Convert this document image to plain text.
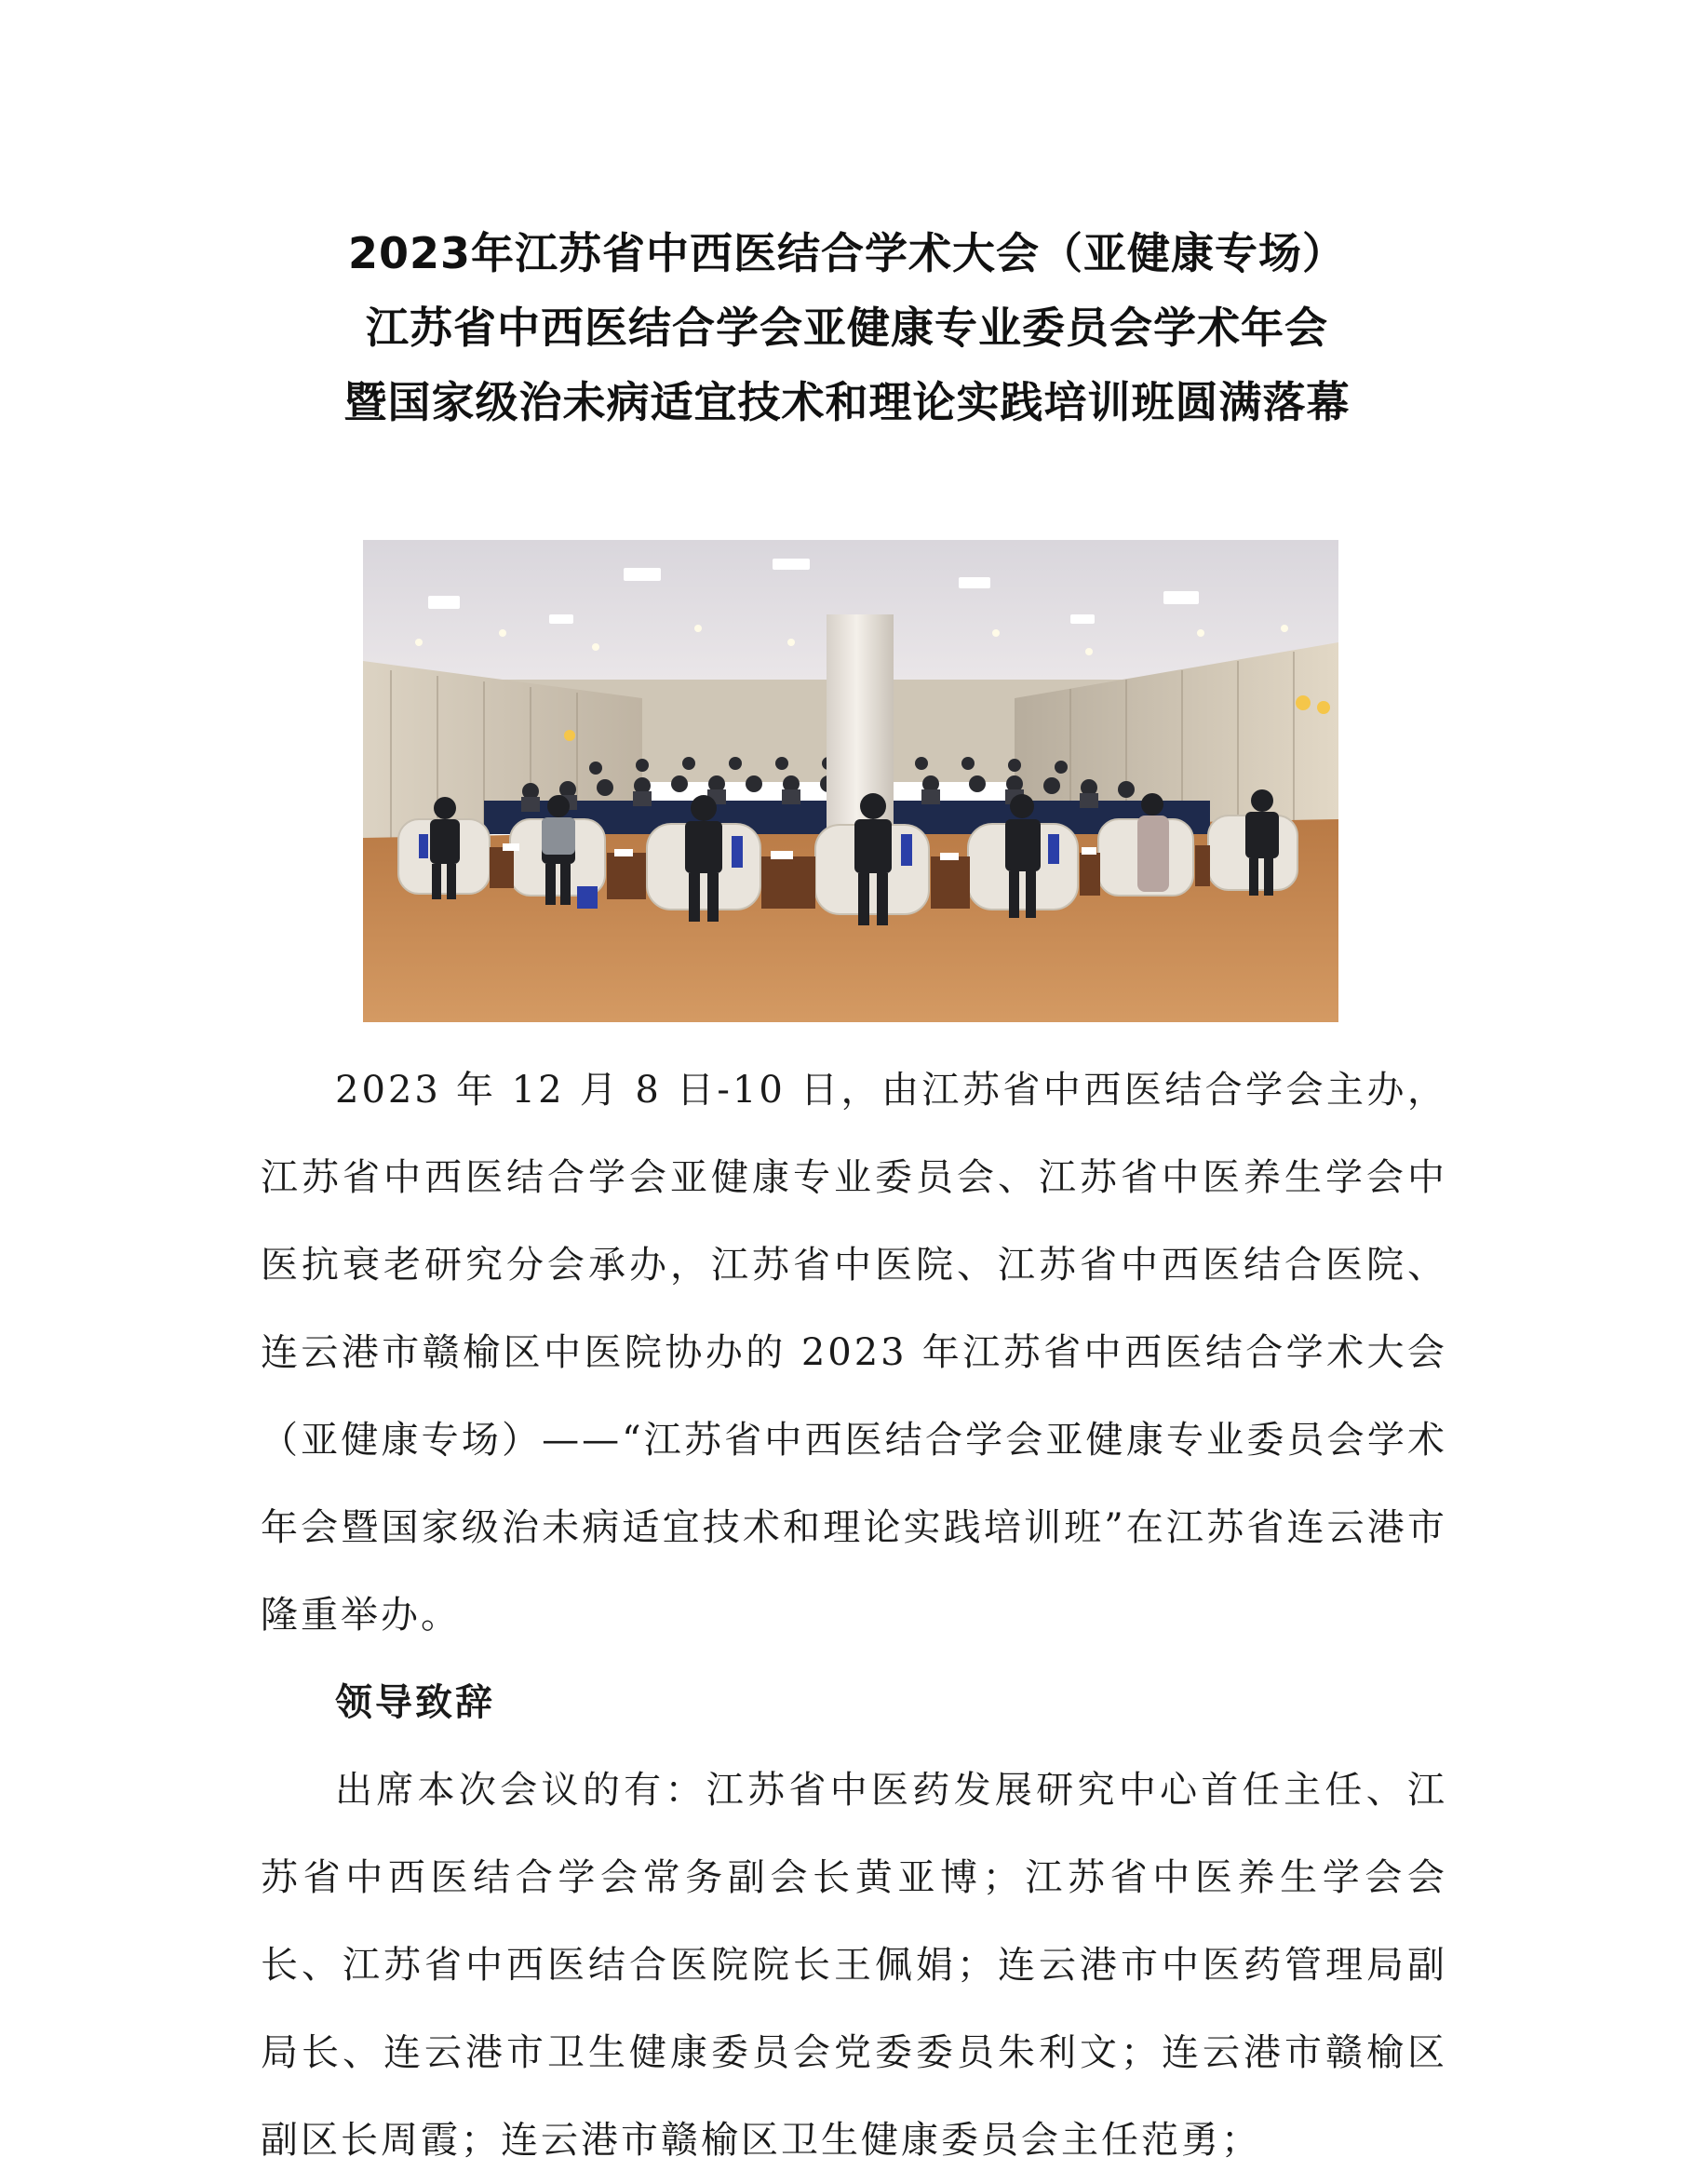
2023年江苏省中西医结合学术大会（亚健康专场）
江苏省中西医结合学会亚健康专业委员会学术年会
暨国家级治未病适宜技术和理论实践培训班圆满落幕

2023 年 12 月 8 日-10 日，由江苏省中西医结合学会主办，江苏省中西医结合学会亚健康专业委员会、江苏省中医养生学会中医抗衰老研究分会承办，江苏省中医院、江苏省中西医结合医院、连云港市赣榆区中医院协办的 2023 年江苏省中西医结合学术大会（亚健康专场）——“江苏省中西医结合学会亚健康专业委员会学术年会暨国家级治未病适宜技术和理论实践培训班”在江苏省连云港市隆重举办。

领导致辞

出席本次会议的有：江苏省中医药发展研究中心首任主任、江苏省中西医结合学会常务副会长黄亚博；江苏省中医养生学会会长、江苏省中西医结合医院院长王佩娟；连云港市中医药管理局副局长、连云港市卫生健康委员会党委委员朱利文；连云港市赣榆区副区长周霞；连云港市赣榆区卫生健康委员会主任范勇；
